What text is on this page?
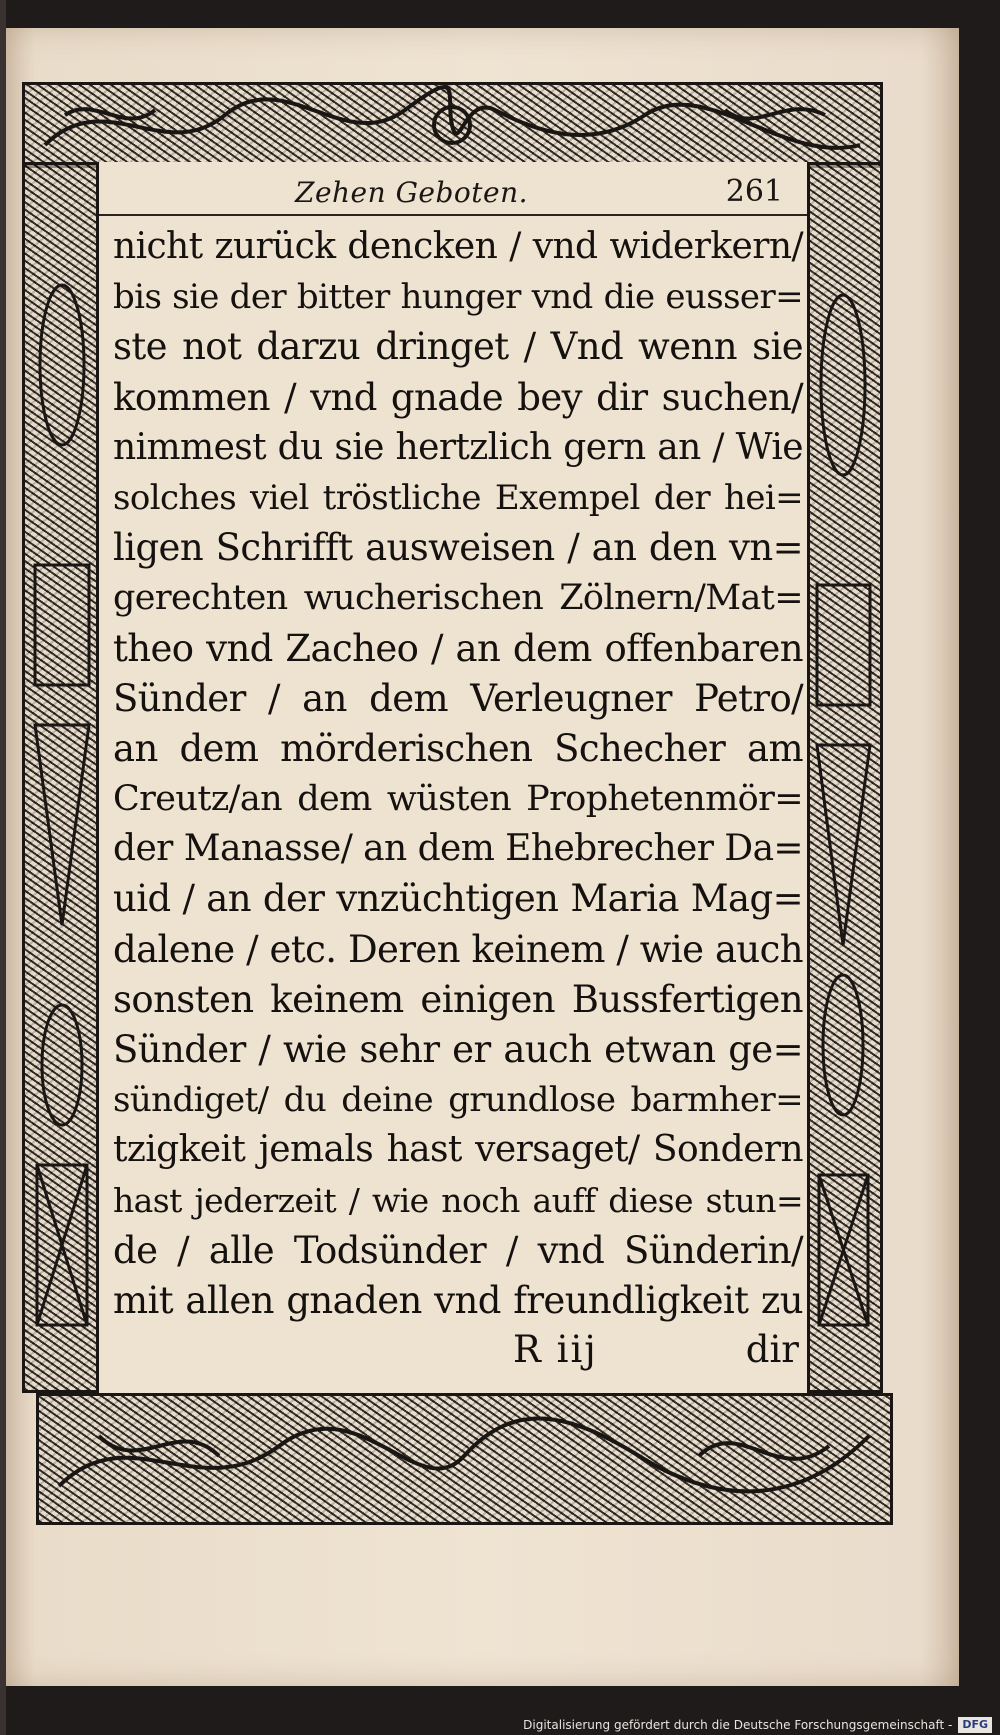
Zehen Geboten.	261
nicht zurück dencken / vnd widerkern/
bis sie der bitter hunger vnd die eusser=
ste not darzu dringet / Vnd wenn sie
kommen / vnd gnade bey dir suchen/
nimmest du sie hertzlich gern an / Wie
solches viel tröstliche Exempel der hei=
ligen Schrifft ausweisen / an den vn=
gerechten wucherischen Zölnern/Mat=
theo vnd Zacheo / an dem offenbaren
Sünder / an dem Verleugner Petro/
an dem mörderischen Schecher am
Creutz/an dem wüsten Prophetenmör=
der Manasse/ an dem Ehebrecher Da=
uid / an der vnzüchtigen Maria Mag=
dalene / etc. Deren keinem / wie auch
sonsten keinem einigen Bussfertigen
Sünder / wie sehr er auch etwan ge=
sündiget/ du deine grundlose barmher=
tzigkeit jemals hast versaget/ Sondern
hast jederzeit / wie noch auff diese stun=
de / alle Todsünder / vnd Sünderin/
mit allen gnaden vnd freundligkeit zu
R iij	dir
Digitalisierung gefördert durch die Deutsche Forschungsgemeinschaft - DFG
